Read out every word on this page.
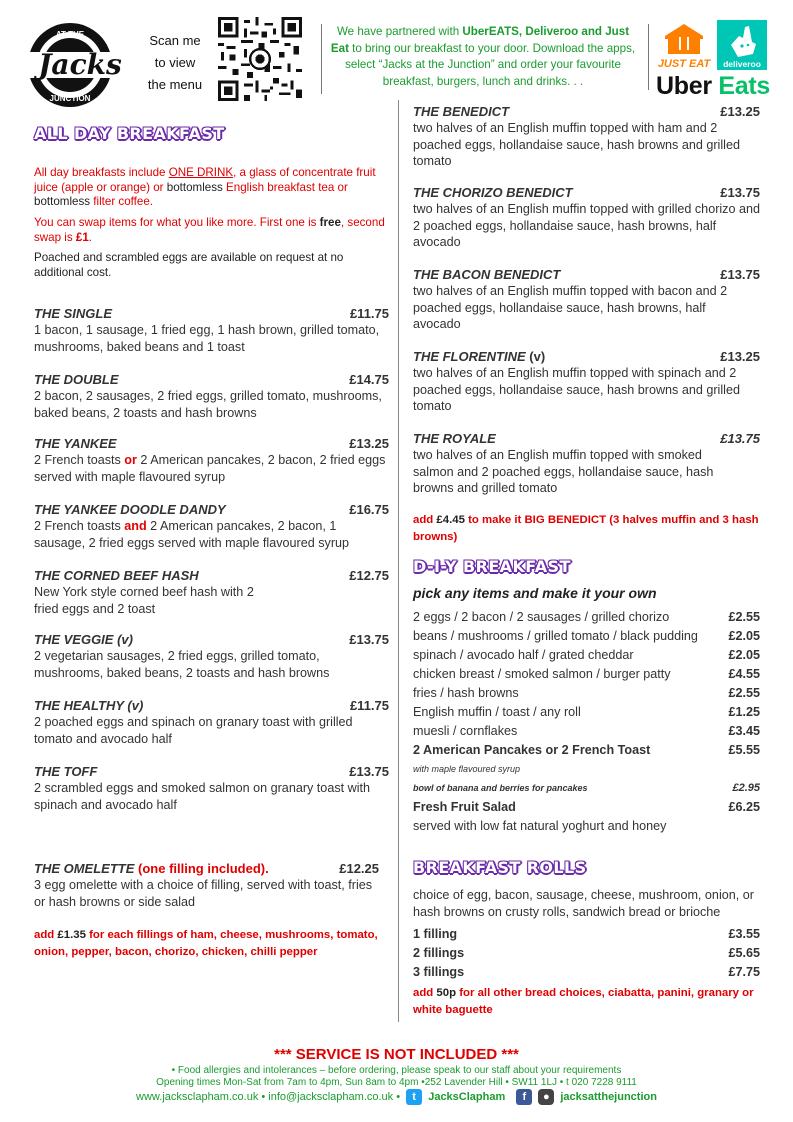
Jacks
AT THE
JUNCTION
Scan me
to view
the menu
We have partnered with UberEATS, Deliveroo and Just Eat to bring our breakfast to your door. Download the apps, select “Jacks at the Junction” and order your favourite breakfast, burgers, lunch and drinks. . .
JUST EAT deliveroo
Uber Eats
ALL DAY BREAKFAST
All day breakfasts include ONE DRINK, a glass of concentrate fruit juice (apple or orange) or bottomless English breakfast tea or bottomless filter coffee.
You can swap items for what you like more. First one is free, second swap is £1.
Poached and scrambled eggs are available on request at no additional cost.
THE SINGLE	£11.75
1 bacon, 1 sausage, 1 fried egg, 1 hash brown, grilled tomato, mushrooms, baked beans and 1 toast
THE DOUBLE	£14.75
2 bacon, 2 sausages, 2 fried eggs, grilled tomato, mushrooms, baked beans, 2 toasts and hash browns
THE YANKEE	£13.25
2 French toasts or 2 American pancakes, 2 bacon, 2 fried eggs served with maple flavoured syrup
THE YANKEE DOODLE DANDY	£16.75
2 French toasts and 2 American pancakes, 2 bacon, 1 sausage, 2 fried eggs served with maple flavoured syrup
THE CORNED BEEF HASH	£12.75
New York style corned beef hash with 2 fried eggs and 2 toast
THE VEGGIE (v)	£13.75
2 vegetarian sausages, 2 fried eggs, grilled tomato, mushrooms, baked beans, 2 toasts and hash browns
THE HEALTHY (v)	£11.75
2 poached eggs and spinach on granary toast with grilled tomato and avocado half
THE TOFF	£13.75
2 scrambled eggs and smoked salmon on granary toast with spinach and avocado half
THE OMELETTE (one filling included).	£12.25
3 egg omelette with a choice of filling, served with toast, fries or hash browns or side salad
add £1.35 for each fillings of ham, cheese, mushrooms, tomato, onion, pepper, bacon, chorizo, chicken, chilli pepper
THE BENEDICT	£13.25
two halves of an English muffin topped with ham and 2 poached eggs, hollandaise sauce, hash browns and grilled tomato
THE CHORIZO BENEDICT	£13.75
two halves of an English muffin topped with grilled chorizo and 2 poached eggs, hollandaise sauce, hash browns, half avocado
THE BACON BENEDICT	£13.75
two halves of an English muffin topped with bacon and 2 poached eggs, hollandaise sauce, hash browns, half avocado
THE FLORENTINE (v)	£13.25
two halves of an English muffin topped with spinach and 2 poached eggs, hollandaise sauce, hash browns and grilled tomato
THE ROYALE	£13.75
two halves of an English muffin topped with smoked salmon and 2 poached eggs, hollandaise sauce, hash browns and grilled tomato
add £4.45 to make it BIG BENEDICT (3 halves muffin and 3 hash browns)
D-I-Y BREAKFAST
pick any items and make it your own
2 eggs / 2 bacon / 2 sausages / grilled chorizo	£2.55
beans / mushrooms / grilled tomato / black pudding £2.05
spinach / avocado half / grated cheddar	£2.05
chicken breast / smoked salmon / burger patty	£4.55
fries / hash browns	£2.55
English muffin / toast / any roll	£1.25
muesli / cornflakes	£3.45
2 American Pancakes or 2 French Toast	£5.55
with maple flavoured syrup
bowl of banana and berries for pancakes	£2.95
Fresh Fruit Salad	£6.25
served with low fat natural yoghurt and honey
BREAKFAST ROLLS
choice of egg, bacon, sausage, cheese, mushroom, onion, or hash browns on crusty rolls, sandwich bread or brioche
1 filling	£3.55
2 fillings	£5.65
3 fillings	£7.75
add 50p for all other bread choices, ciabatta, panini, granary or white baguette
*** SERVICE IS NOT INCLUDED ***
• Food allergies and intolerances – before ordering, please speak to our staff about your requirements
Opening times Mon-Sat from 7am to 4pm, Sun 8am to 4pm •252 Lavender Hill • SW11 1LJ • t 020 7228 9111
www.jacksclapham.co.uk • info@jacksclapham.co.uk • t JacksClapham f ● jacksatthejunction
